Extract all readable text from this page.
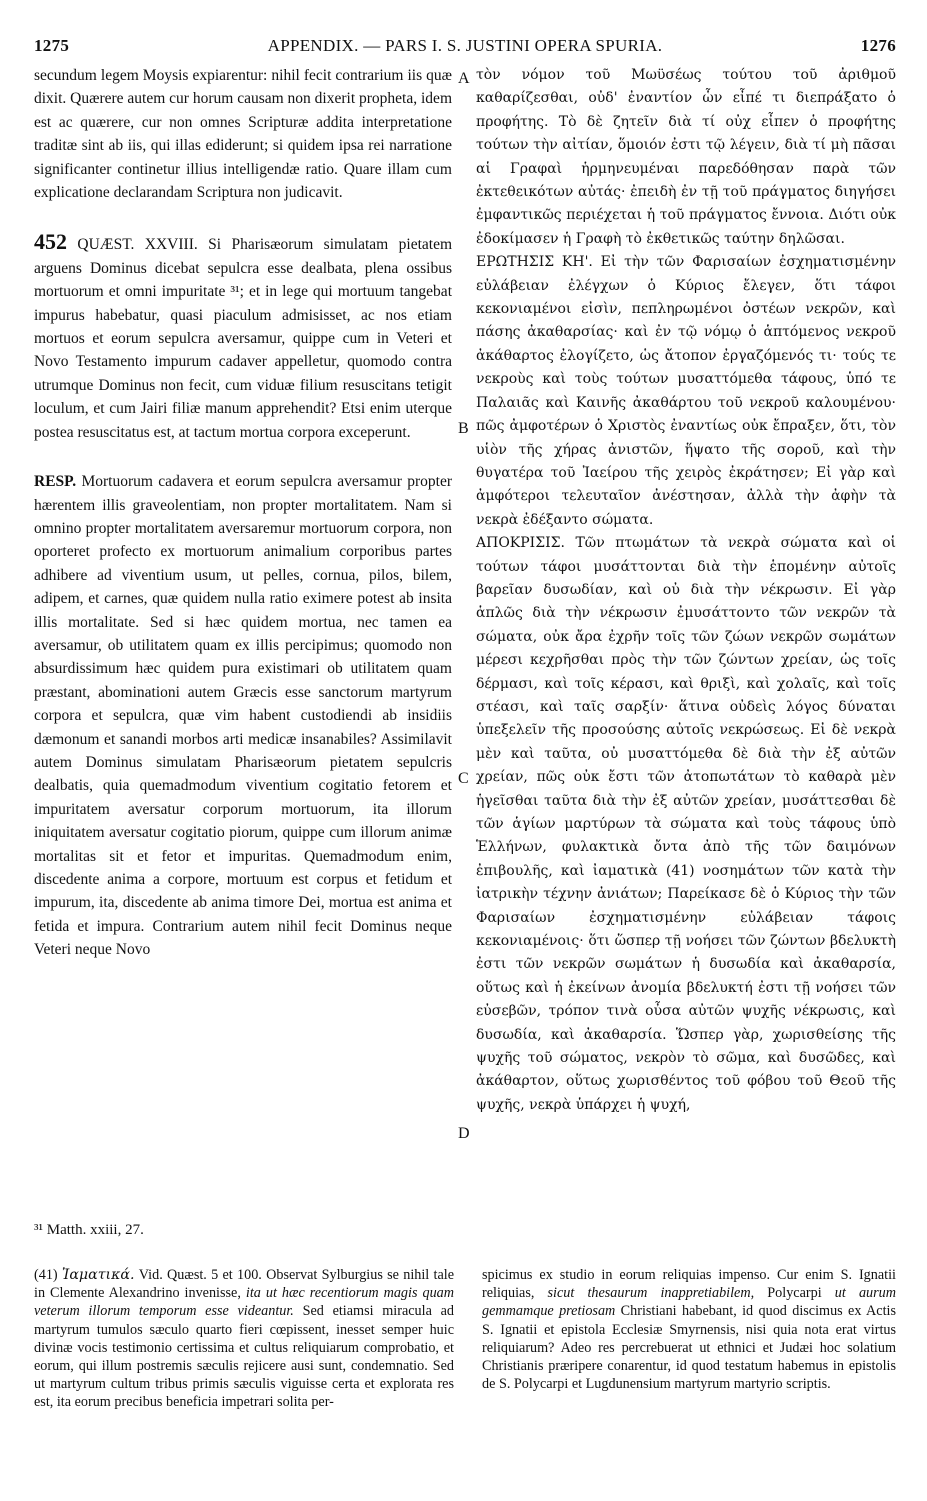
1275	APPENDIX. — PARS I. S. JUSTINI OPERA SPURIA.	1276

secundum legem Moysis expiarentur: nihil fecit contrarium iis quæ dixit. Quærere autem cur horum causam non dixerit propheta, idem est ac quærere, cur non omnes Scripturæ addita interpretatione traditæ sint ab iis, qui illas ediderunt; si quidem ipsa rei narratione significanter continetur illius intelligendæ ratio. Quare illam cum explicatione declarandam Scriptura non judicavit.

452 QUÆST. XXVIII. Si Pharisæorum simulatam pietatem arguens Dominus dicebat sepulcra esse dealbata, plena ossibus mortuorum et omni impuritate ³¹; et in lege qui mortuum tangebat impurus habebatur, quasi piaculum admisisset, ac nos etiam mortuos et eorum sepulcra aversamur, quippe cum in Veteri et Novo Testamento impurum cadaver appelletur, quomodo contra utrumque Dominus non fecit, cum viduæ filium resuscitans tetigit loculum, et cum Jairi filiæ manum apprehendit? Etsi enim uterque postea resuscitatus est, at tactum mortua corpora exceperunt.

RESP. Mortuorum cadavera et eorum sepulcra aversamur propter hærentem illis graveolentiam, non propter mortalitatem. Nam si omnino propter mortalitatem aversaremur mortuorum corpora, non oporteret profecto ex mortuorum animalium corporibus partes adhibere ad viventium usum, ut pelles, cornua, pilos, bilem, adipem, et carnes, quæ quidem nulla ratio eximere potest ab insita illis mortalitate. Sed si hæc quidem mortua, nec tamen ea aversamur, ob utilitatem quam ex illis percipimus; quomodo non absurdissimum hæc quidem pura existimari ob utilitatem quam præstant, abominationi autem Græcis esse sanctorum martyrum corpora et sepulcra, quæ vim habent custodiendi ab insidiis dæmonum et sanandi morbos arti medicæ insanabiles? Assimilavit autem Dominus simulatam Pharisæorum pietatem sepulcris dealbatis, quia quemadmodum viventium cogitatio fetorem et impuritatem aversatur corporum mortuorum, ita illorum iniquitatem aversatur cogitatio piorum, quippe cum illorum animæ mortalitas sit et fetor et impuritas. Quemadmodum enim, discedente anima a corpore, mortuum est corpus et fetidum et impurum, ita, discedente ab anima timore Dei, mortua est anima et fetida et impura. Contrarium autem nihil fecit Dominus neque Veteri neque Novo

A
B
C
D

τὸν νόμον τοῦ Μωϋσέως τούτου τοῦ ἀριθμοῦ καθαρίζεσθαι, οὐδ' ἐναντίον ὧν εἶπέ τι διεπράξατο ὁ προφήτης. Τὸ δὲ ζητεῖν διὰ τί οὐχ εἶπεν ὁ προφήτης τούτων τὴν αἰτίαν, ὅμοιόν ἐστι τῷ λέγειν, διὰ τί μὴ πᾶσαι αἱ Γραφαὶ ἡρμηνευμέναι παρεδόθησαν παρὰ τῶν ἐκτεθεικότων αὐτάς· ἐπειδὴ ἐν τῇ τοῦ πράγματος διηγήσει ἐμφαντικῶς περιέχεται ἡ τοῦ πράγματος ἔννοια. Διότι οὐκ ἐδοκίμασεν ἡ Γραφὴ τὸ ἐκθετικῶς ταύτην δηλῶσαι.

ΕΡΩΤΗΣΙΣ ΚΗ'. Εἰ τὴν τῶν Φαρισαίων ἐσχηματισμένην εὐλάβειαν ἐλέγχων ὁ Κύριος ἔλεγεν, ὅτι τάφοι κεκονιαμένοι εἰσὶν, πεπληρωμένοι ὀστέων νεκρῶν, καὶ πάσης ἀκαθαρσίας· καὶ ἐν τῷ νόμῳ ὁ ἁπτόμενος νεκροῦ ἀκάθαρτος ἐλογίζετο, ὡς ἄτοπον ἐργαζόμενός τι· τούς τε νεκροὺς καὶ τοὺς τούτων μυσαττόμεθα τάφους, ὑπό τε Παλαιᾶς καὶ Καινῆς ἀκαθάρτου τοῦ νεκροῦ καλουμένου· πῶς ἀμφοτέρων ὁ Χριστὸς ἐναντίως οὐκ ἔπραξεν, ὅτι, τὸν υἱὸν τῆς χήρας ἀνιστῶν, ἥψατο τῆς σοροῦ, καὶ τὴν θυγατέρα τοῦ Ἰαείρου τῆς χειρὸς ἐκράτησεν; Εἰ γὰρ καὶ ἀμφότεροι τελευταῖον ἀνέστησαν, ἀλλὰ τὴν ἀφὴν τὰ νεκρὰ ἐδέξαντο σώματα.

ΑΠΟΚΡΙΣΙΣ. Τῶν πτωμάτων τὰ νεκρὰ σώματα καὶ οἱ τούτων τάφοι μυσάττονται διὰ τὴν ἑπομένην αὐτοῖς βαρεῖαν δυσωδίαν, καὶ οὐ διὰ τὴν νέκρωσιν. Εἰ γὰρ ἁπλῶς διὰ τὴν νέκρωσιν ἐμυσάττοντο τῶν νεκρῶν τὰ σώματα, οὐκ ἄρα ἐχρῆν τοῖς τῶν ζώων νεκρῶν σωμάτων μέρεσι κεχρῆσθαι πρὸς τὴν τῶν ζώντων χρείαν, ὡς τοῖς δέρμασι, καὶ τοῖς κέρασι, καὶ θριξὶ, καὶ χολαῖς, καὶ τοῖς στέασι, καὶ ταῖς σαρξίν· ἅτινα οὐδεὶς λόγος δύναται ὑπεξελεῖν τῆς προσούσης αὐτοῖς νεκρώσεως. Εἰ δὲ νεκρὰ μὲν καὶ ταῦτα, οὐ μυσαττόμεθα δὲ διὰ τὴν ἐξ αὐτῶν χρείαν, πῶς οὐκ ἔστι τῶν ἀτοπωτάτων τὸ καθαρὰ μὲν ἡγεῖσθαι ταῦτα διὰ τὴν ἐξ αὐτῶν χρείαν, μυσάττεσθαι δὲ τῶν ἁγίων μαρτύρων τὰ σώματα καὶ τοὺς τάφους ὑπὸ Ἑλλήνων, φυλακτικὰ ὄντα ἀπὸ τῆς τῶν δαιμόνων ἐπιβουλῆς, καὶ ἰαματικὰ (41) νοσημάτων τῶν κατὰ τὴν ἰατρικὴν τέχνην ἀνιάτων; Παρείκασε δὲ ὁ Κύριος τὴν τῶν Φαρισαίων ἐσχηματισμένην εὐλάβειαν τάφοις κεκονιαμένοις· ὅτι ὥσπερ τῇ νοήσει τῶν ζώντων βδελυκτὴ ἐστι τῶν νεκρῶν σωμάτων ἡ δυσωδία καὶ ἀκαθαρσία, οὕτως καὶ ἡ ἐκείνων ἀνομία βδελυκτή ἐστι τῇ νοήσει τῶν εὐσεβῶν, τρόπον τινὰ οὖσα αὐτῶν ψυχῆς νέκρωσις, καὶ δυσωδία, καὶ ἀκαθαρσία. Ὥσπερ γὰρ, χωρισθείσης τῆς ψυχῆς τοῦ σώματος, νεκρὸν τὸ σῶμα, καὶ δυσῶδες, καὶ ἀκάθαρτον, οὕτως χωρισθέντος τοῦ φόβου τοῦ Θεοῦ τῆς ψυχῆς, νεκρὰ ὑπάρχει ἡ ψυχή,

³¹ Matth. xxiii, 27.

(41) Ἰαματικά. Vid. Quæst. 5 et 100. Observat Sylburgius se nihil tale in Clemente Alexandrino invenisse, ita ut hæc recentiorum magis quam veterum illorum temporum esse videantur. Sed etiamsi miracula ad martyrum tumulos sæculo quarto fieri cœpissent, inesset semper huic divinæ vocis testimonio certissima et cultus reliquiarum comprobatio, et eorum, qui illum postremis sæculis rejicere ausi sunt, condemnatio. Sed ut martyrum cultum tribus primis sæculis viguisse certa et explorata res est, ita eorum precibus beneficia impetrari solita per-

spicimus ex studio in eorum reliquias impenso. Cur enim S. Ignatii reliquias, sicut thesaurum inappretiabilem, Polycarpi ut aurum gemmamque pretiosam Christiani habebant, id quod discimus ex Actis S. Ignatii et epistola Ecclesiæ Smyrnensis, nisi quia nota erat virtus reliquiarum? Adeo res percrebuerat ut ethnici et Judæi hoc solatium Christianis præripere conarentur, id quod testatum habemus in epistolis de S. Polycarpi et Lugdunensium martyrum martyrio scriptis.
